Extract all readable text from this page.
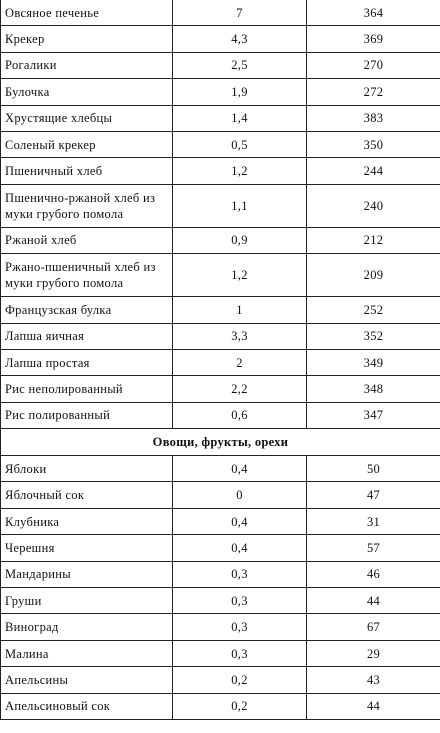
Овсяное печенье	7	364
Крекер	4,3	369
Рогалики	2,5	270
Булочка	1,9	272
Хрустящие хлебцы	1,4	383
Соленый крекер	0,5	350
Пшеничный хлеб	1,2	244
Пшенично-ржаной хлеб из муки грубого помола	1,1	240
Ржаной хлеб	0,9	212
Ржано-пшеничный хлеб из муки грубого помола	1,2	209
Французская булка	1	252
Лапша яичная	3,3	352
Лапша простая	2	349
Рис неполированный	2,2	348
Рис полированный	0,6	347
Овощи, фрукты, орехи		
Яблоки	0,4	50
Яблочный сок	0	47
Клубника	0,4	31
Черешня	0,4	57
Мандарины	0,3	46
Груши	0,3	44
Виноград	0,3	67
Малина	0,3	29
Апельсины	0,2	43
Апельсиновый сок	0,2	44
